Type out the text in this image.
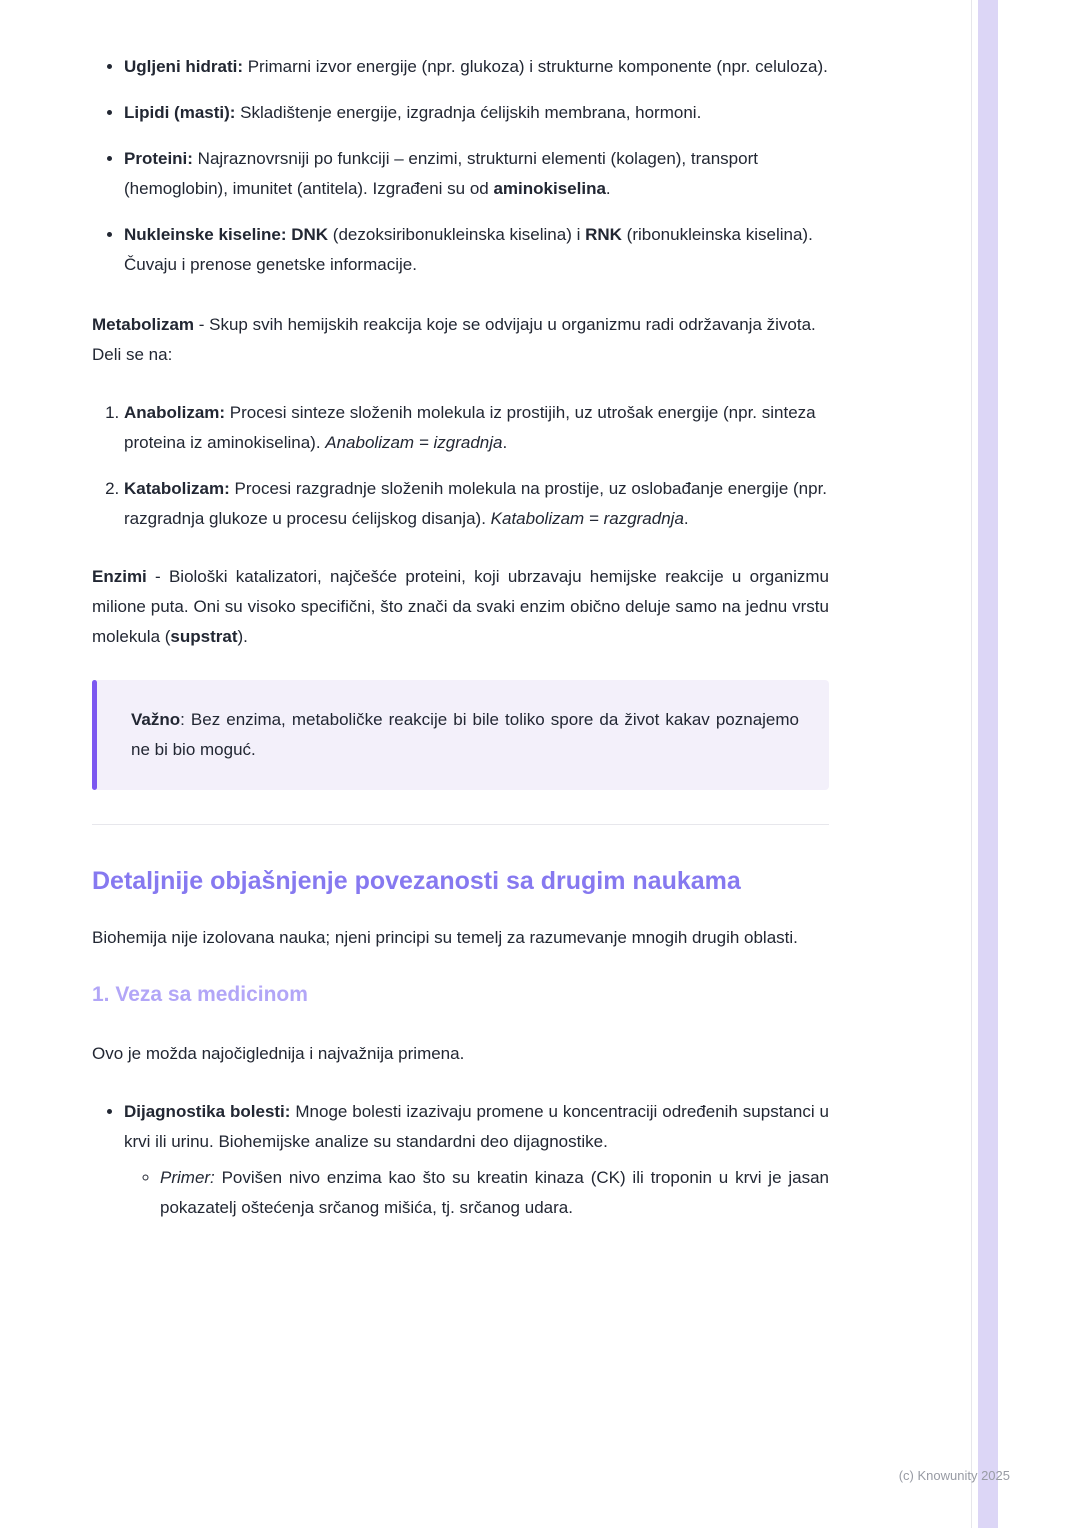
• Ugljeni hidrati: Primarni izvor energije (npr. glukoza) i strukturne komponente (npr. celuloza).
• Lipidi (masti): Skladištenje energije, izgradnja ćelijskih membrana, hormoni.
• Proteini: Najraznovrsniji po funkciji – enzimi, strukturni elementi (kolagen), transport (hemoglobin), imunitet (antitela). Izgrađeni su od aminokiselina.
• Nukleinske kiseline: DNK (dezoksiribonukleinska kiselina) i RNK (ribonukleinska kiselina). Čuvaju i prenose genetske informacije.

Metabolizam - Skup svih hemijskih reakcija koje se odvijaju u organizmu radi održavanja života. Deli se na:

1. Anabolizam: Procesi sinteze složenih molekula iz prostijih, uz utrošak energije (npr. sinteza proteina iz aminokiselina). Anabolizam = izgradnja.
2. Katabolizam: Procesi razgradnje složenih molekula na prostije, uz oslobađanje energije (npr. razgradnja glukoze u procesu ćelijskog disanja). Katabolizam = razgradnja.

Enzimi - Biološki katalizatori, najčešće proteini, koji ubrzavaju hemijske reakcije u organizmu milione puta. Oni su visoko specifični, što znači da svaki enzim obično deluje samo na jednu vrstu molekula (supstrat).

Važno: Bez enzima, metaboličke reakcije bi bile toliko spore da život kakav poznajemo ne bi bio moguć.

Detaljnije objašnjenje povezanosti sa drugim naukama

Biohemija nije izolovana nauka; njeni principi su temelj za razumevanje mnogih drugih oblasti.

1. Veza sa medicinom

Ovo je možda najočiglednija i najvažnija primena.

• Dijagnostika bolesti: Mnoge bolesti izazivaju promene u koncentraciji određenih supstanci u krvi ili urinu. Biohemijske analize su standardni deo dijagnostike.
◦ Primer: Povišen nivo enzima kao što su kreatin kinaza (CK) ili troponin u krvi je jasan pokazatelj oštećenja srčanog mišića, tj. srčanog udara.
(c) Knowunity 2025
